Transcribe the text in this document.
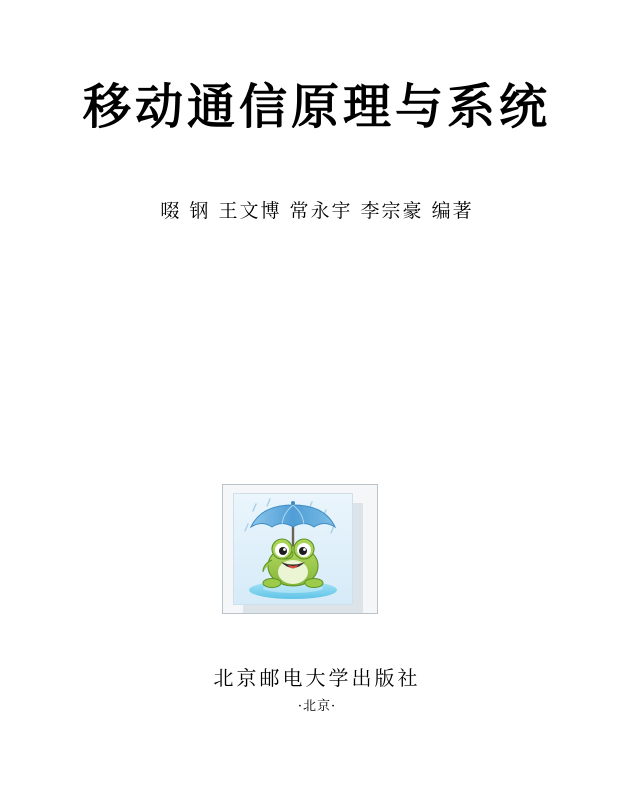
移动通信原理与系统
啜 钢 王文博 常永宇 李宗豪 编著
北京邮电大学出版社
·北京·
